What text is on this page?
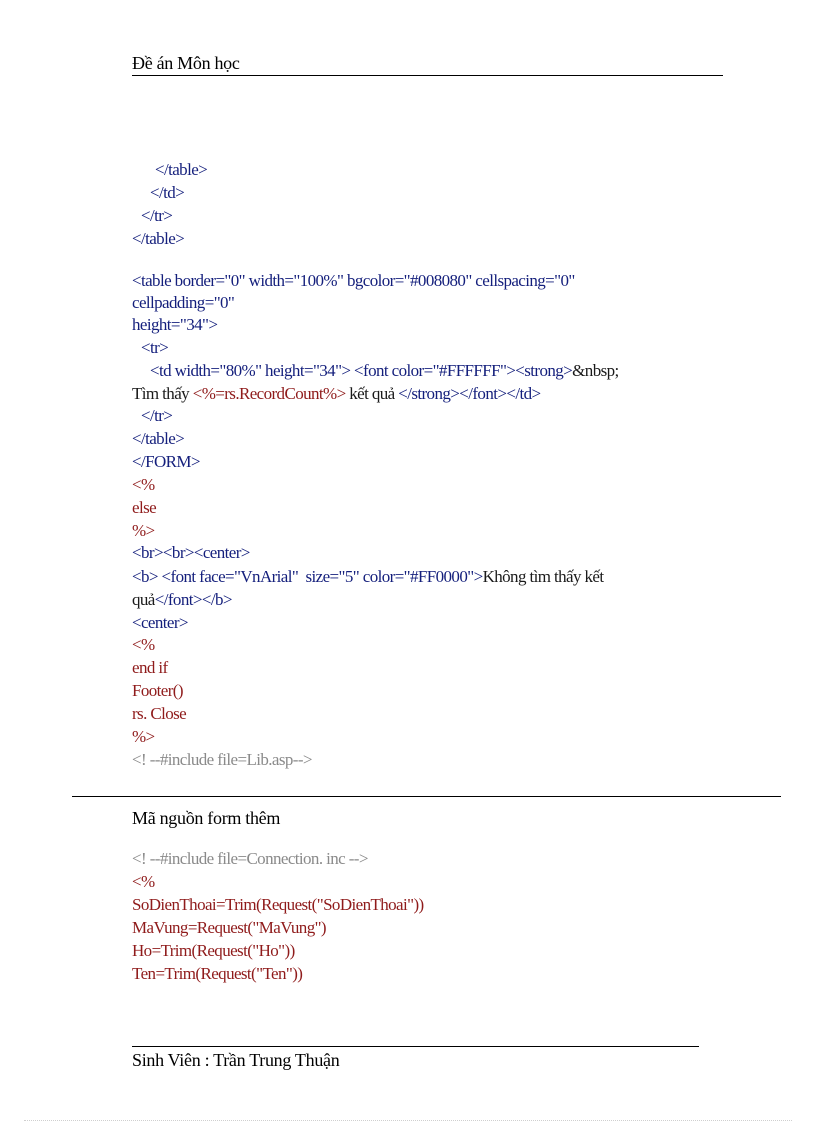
Đề án Môn học
</table>
</td>
</tr>
</table>
<table border="0" width="100%" bgcolor="#008080" cellspacing="0"
cellpadding="0"
height="34">
<tr>
<td width="80%" height="34"> <font color="#FFFFFF"><strong>&nbsp;
Tìm thấy <%=rs.RecordCount%> kết quả </strong></font></td>
</tr>
</table>
</FORM>
<%
else
%>
<br><br><center>
<b> <font face="VnArial"  size="5" color="#FF0000">Không tìm thấy kết
quả</font></b>
<center>
<%
end if
Footer()
rs. Close
%>
<! --#include file=Lib.asp-->
Mã nguồn form thêm
<! --#include file=Connection. inc -->
<%
SoDienThoai=Trim(Request("SoDienThoai"))
MaVung=Request("MaVung")
Ho=Trim(Request("Ho"))
Ten=Trim(Request("Ten"))
Sinh Viên : Trần Trung Thuận
